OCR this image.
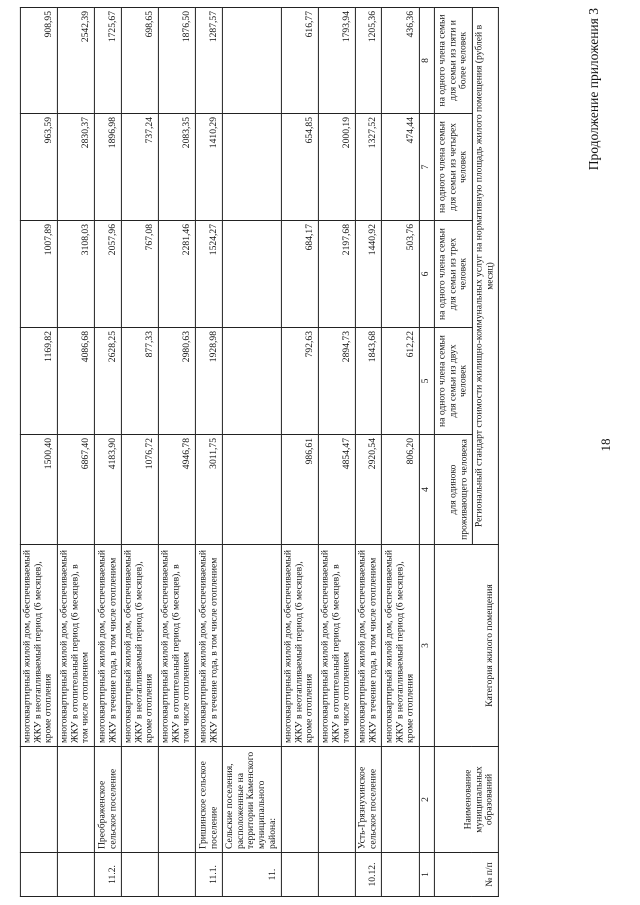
18
Продолжение приложения 3
№ п/п	Наименование муниципальных образований	Категория жилого помещения	Региональный стандарт стоимости жилищно-коммунальных услуг на нормативную площадь жилого помещения (рублей в месяц)				

			для одиноко проживающего человека	на одного члена семьи для семьи из двух человек	на одного члена семьи для семьи из трех человек	на одного члена семьи для семьи из четырех человек	на одного члена семьи для семьи из пяти и более человек

1	2	3	4	5	6	7	8

		многоквартирный жилой дом, обеспечиваемый ЖКУ в неотапливаемый период (6 месяцев), кроме отопления	806,20	612,22	503,76	474,44	436,36

10.12.	Усть-Грязнухинское сельское поселение	многоквартирный жилой дом, обеспечиваемый ЖКУ в течение года, в том числе отоплением	2920,54	1843,68	1440,92	1327,52	1205,36

		многоквартирный жилой дом, обеспечиваемый ЖКУ в отопительный период (6 месяцев), в том числе отоплением	4854,47	2894,73	2197,68	2000,19	1793,94

		многоквартирный жилой дом, обеспечиваемый ЖКУ в неотапливаемый период (6 месяцев), кроме отопления	986,61	792,63	684,17	654,85	616,77

11.	Сельские поселения, расположенные на территории Каменского муниципального района:						

11.1.	Гришинское сельское поселение	многоквартирный жилой дом, обеспечиваемый ЖКУ в течение года, в том числе отоплением	3011,75	1928,98	1524,27	1410,29	1287,57

		многоквартирный жилой дом, обеспечиваемый ЖКУ в отопительный период (6 месяцев), в том числе отоплением	4946,78	2980,63	2281,46	2083,35	1876,50

		многоквартирный жилой дом, обеспечиваемый ЖКУ в неотапливаемый период (6 месяцев), кроме отопления	1076,72	877,33	767,08	737,24	698,65

11.2.	Преображенское сельское поселение	многоквартирный жилой дом, обеспечиваемый ЖКУ в течение года, в том числе отоплением	4183,90	2628,25	2057,96	1896,98	1725,67

		многоквартирный жилой дом, обеспечиваемый ЖКУ в отопительный период (6 месяцев), в том числе отоплением	6867,40	4086,68	3108,03	2830,37	2542,39

		многоквартирный жилой дом, обеспечиваемый ЖКУ в неотапливаемый период (6 месяцев), кроме отопления	1500,40	1169,82	1007,89	963,59	908,95
